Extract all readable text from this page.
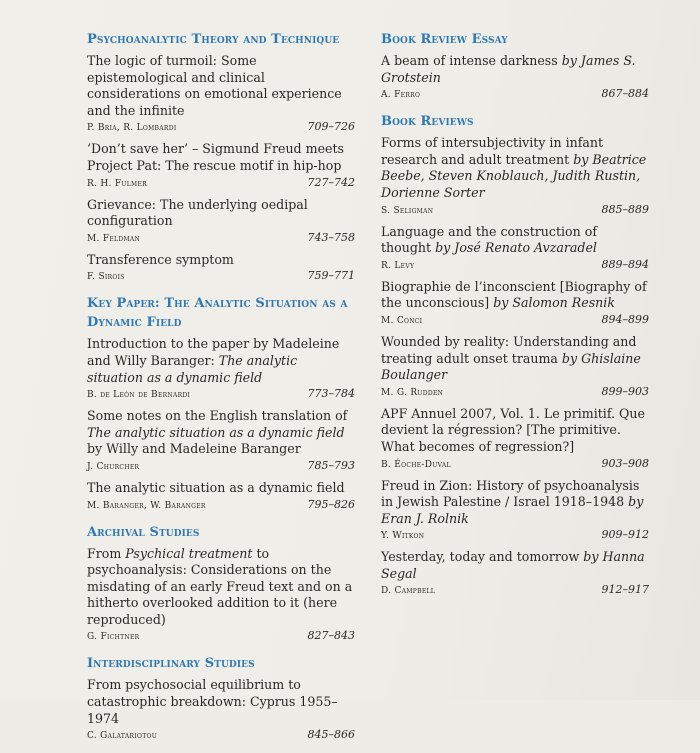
Psychoanalytic Theory and Technique
The logic of turmoil: Some epistemological and clinical considerations on emotional experience and the infinite
P. Bria, R. Lombardi	709–726
‘Don’t save her’ – Sigmund Freud meets Project Pat: The rescue motif in hip-hop
R. H. Fulmer	727–742
Grievance: The underlying oedipal configuration
M. Feldman	743–758
Transference symptom
F. Sirois	759–771
Key Paper: The Analytic Situation as a Dynamic Field
Introduction to the paper by Madeleine and Willy Baranger: The analytic situation as a dynamic field
B. de León de Bernardi	773–784
Some notes on the English translation of The analytic situation as a dynamic field by Willy and Madeleine Baranger
J. Churcher	785–793
The analytic situation as a dynamic field
M. Baranger, W. Baranger	795–826
Archival Studies
From Psychical treatment to psychoanalysis: Considerations on the misdating of an early Freud text and on a hitherto overlooked addition to it (here reproduced)
G. Fichtner	827–843
Interdisciplinary Studies
From psychosocial equilibrium to catastrophic breakdown: Cyprus 1955–1974
C. Galatariotou	845–866
Book Review Essay
A beam of intense darkness by James S. Grotstein
A. Ferro	867–884
Book Reviews
Forms of intersubjectivity in infant research and adult treatment by Beatrice Beebe, Steven Knoblauch, Judith Rustin, Dorienne Sorter
S. Seligman	885–889
Language and the construction of thought by José Renato Avzaradel
R. Levy	889–894
Biographie de l’inconscient [Biography of the unconscious] by Salomon Resnik
M. Conci	894–899
Wounded by reality: Understanding and treating adult onset trauma by Ghislaine Boulanger
M. G. Rudden	899–903
APF Annuel 2007, Vol. 1. Le primitif. Que devient la régression? [The primitive. What becomes of regression?]
B. Éoche-Duval	903–908
Freud in Zion: History of psychoanalysis in Jewish Palestine / Israel 1918–1948 by Eran J. Rolnik
Y. Witkon	909–912
Yesterday, today and tomorrow by Hanna Segal
D. Campbell	912–917
